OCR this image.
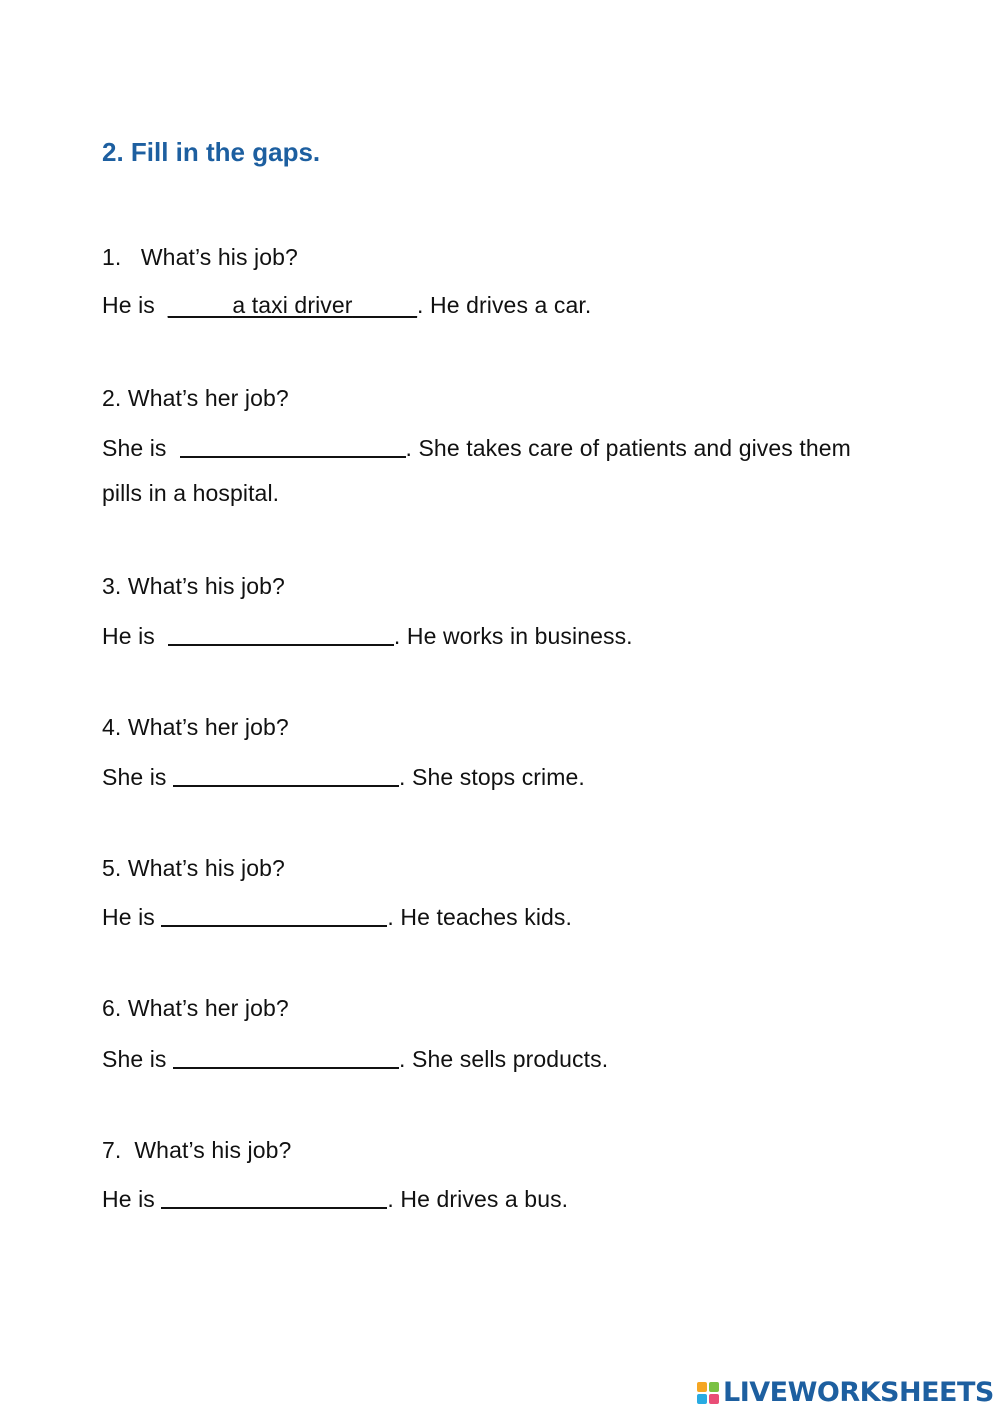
2. Fill in the gaps.

1. What’s his job?

He is _____a taxi driver_____. He drives a car.

2. What’s her job?

She is	. She takes care of patients and gives them

pills in a hospital.

3. What’s his job?

He is	. He works in business.

4. What’s her job?

She is	. She stops crime.

5. What’s his job?

He is	. He teaches kids.

6. What’s her job?

She is	. She sells products.

7. What’s his job?

He is	. He drives a bus.

LIVEWORKSHEETS
